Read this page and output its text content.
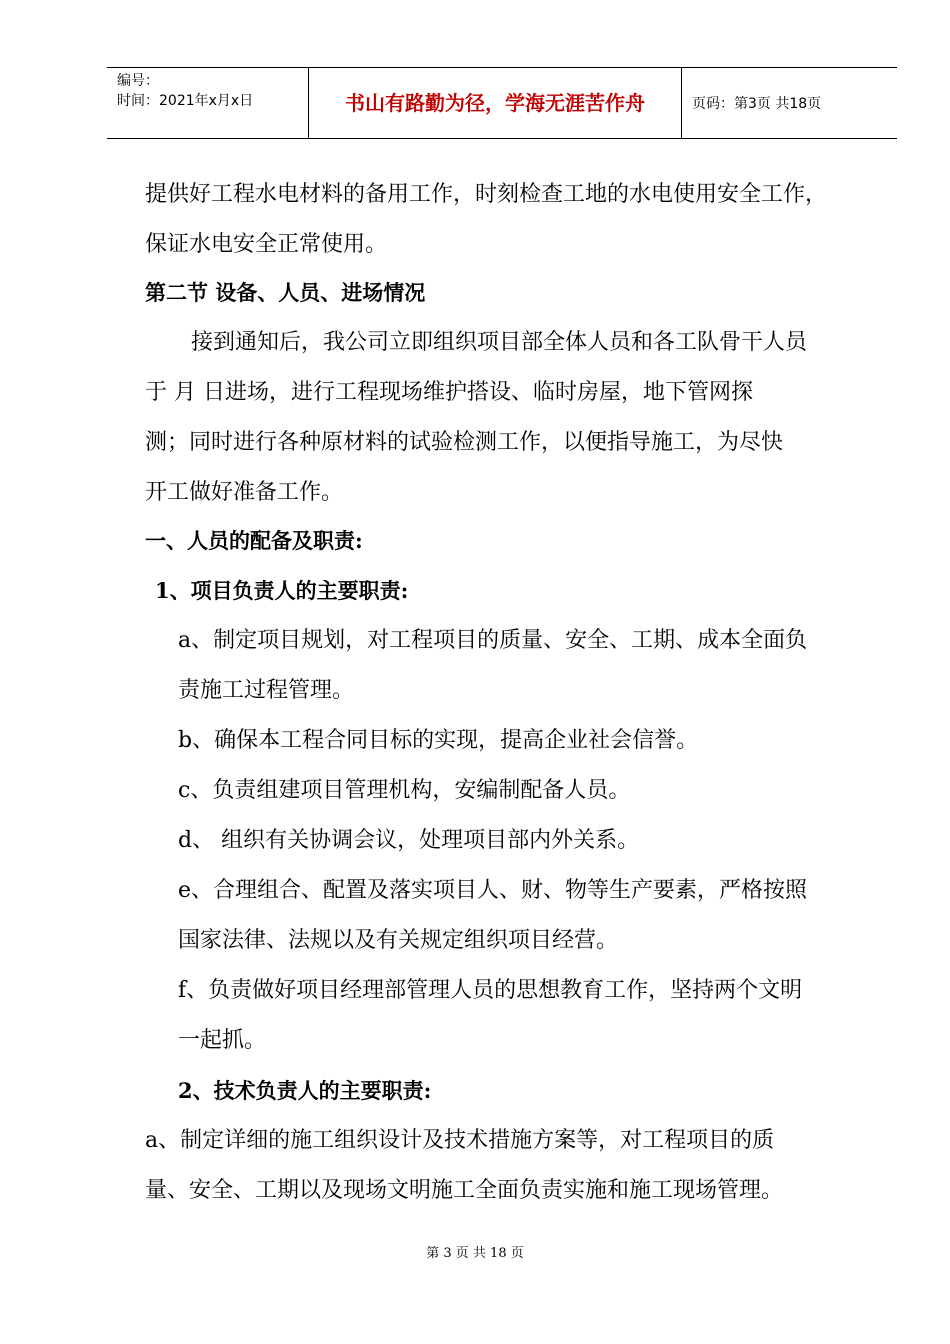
编号：
时间：2021年x月x日	书山有路勤为径，学海无涯苦作舟	页码：第3页 共18页
提供好工程水电材料的备用工作，时刻检查工地的水电使用安全工作，
保证水电安全正常使用。
第二节 设备、人员、进场情况
接到通知后，我公司立即组织项目部全体人员和各工队骨干人员
于 月 日进场，进行工程现场维护搭设、临时房屋，地下管网探
测；同时进行各种原材料的试验检测工作，以便指导施工，为尽快
开工做好准备工作。
一、人员的配备及职责:
1、项目负责人的主要职责:
a、制定项目规划，对工程项目的质量、安全、工期、成本全面负
责施工过程管理。
b、确保本工程合同目标的实现，提高企业社会信誉。
c、负责组建项目管理机构，安编制配备人员。
d、 组织有关协调会议，处理项目部内外关系。
e、合理组合、配置及落实项目人、财、物等生产要素，严格按照
国家法律、法规以及有关规定组织项目经营。
f、负责做好项目经理部管理人员的思想教育工作，坚持两个文明
一起抓。
2、技术负责人的主要职责:
a、制定详细的施工组织设计及技术措施方案等，对工程项目的质
量、安全、工期以及现场文明施工全面负责实施和施工现场管理。
第 3 页 共 18 页
